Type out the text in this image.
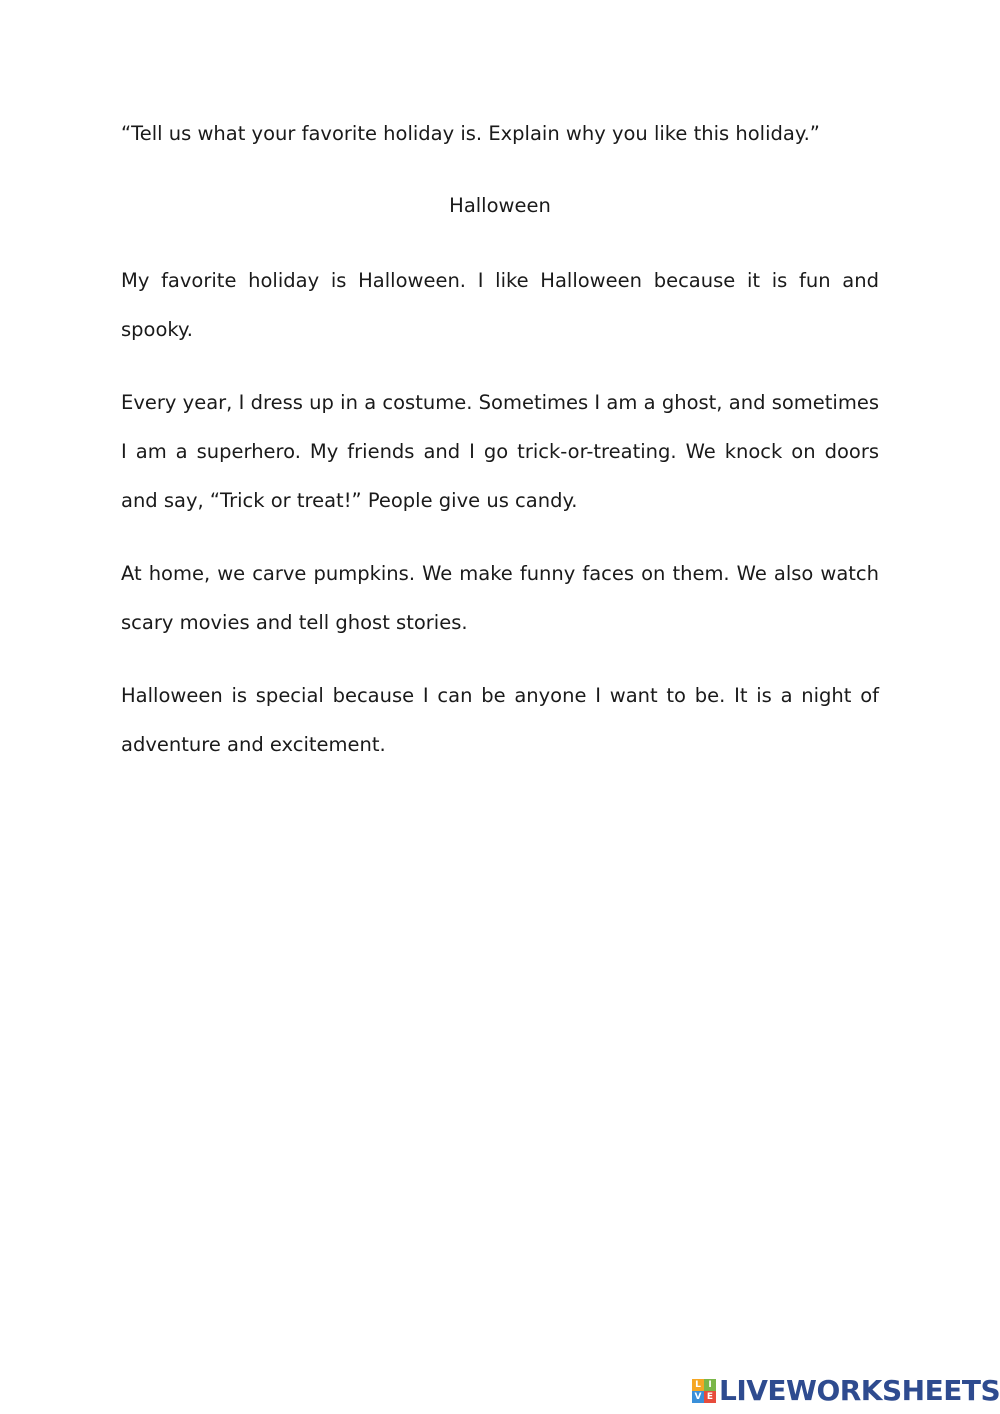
“Tell us what your favorite holiday is. Explain why you like this holiday.”

Halloween

My favorite holiday is Halloween. I like Halloween because it is fun and spooky.

Every year, I dress up in a costume. Sometimes I am a ghost, and sometimes I am a superhero. My friends and I go trick-or-treating. We knock on doors and say, “Trick or treat!” People give us candy.

At home, we carve pumpkins. We make funny faces on them. We also watch scary movies and tell ghost stories.

Halloween is special because I can be anyone I want to be. It is a night of adventure and excitement.

L I
V E LIVEWORKSHEETS
